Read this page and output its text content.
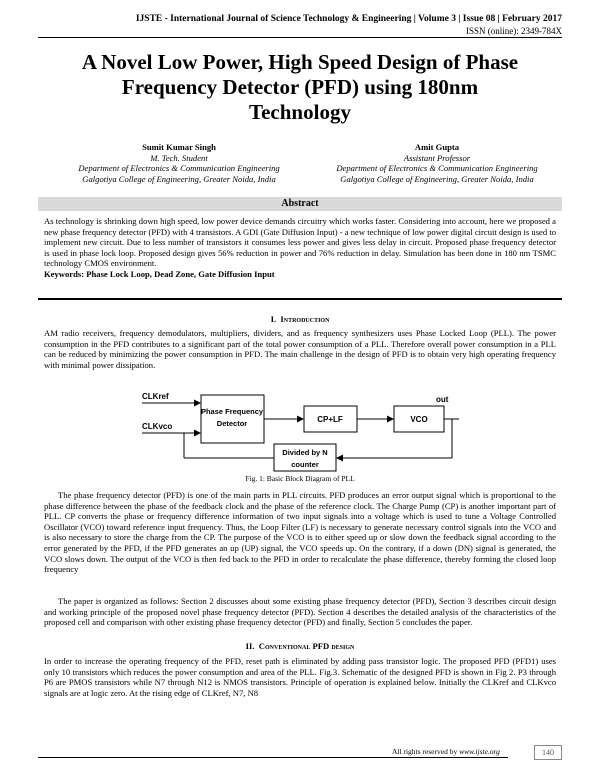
IJSTE - International Journal of Science Technology & Engineering | Volume 3 | Issue 08 | February 2017
ISSN (online): 2349-784X
A Novel Low Power, High Speed Design of Phase
Frequency Detector (PFD) using 180nm
Technology
Sumit Kumar Singh
M. Tech. Student
Department of Electronics & Communication Engineering
Galgotiya College of Engineering, Greater Noida, India
Amit Gupta
Assistant Professor
Department of Electronics & Communication Engineering
Galgotiya College of Engineering, Greater Noida, India
Abstract
As technology is shrinking down high speed, low power device demands circuitry which works faster. Considering into account, here we proposed a new phase frequency detector (PFD) with 4 transistors. A GDI (Gate Diffusion Input) - a new technique of low power digital circuit design is used to implement new circuit. Due to less number of transistors it consumes less power and gives less delay in circuit. Proposed phase frequency detector is used in phase lock loop. Proposed design gives 56% reduction in power and 76% reduction in delay. Simulation has been done in 180 nm TSMC technology CMOS environment.
Keywords: Phase Lock Loop, Dead Zone, Gate Diffusion Input
I. Introduction
AM radio receivers, frequency demodulators, multipliers, dividers, and as frequency synthesizers uses Phase Locked Loop (PLL). The power consumption in the PFD contributes to a significant part of the total power consumption of a PLL. Therefore overall power consumption in a PLL can be reduced by minimizing the power consumption in PFD. The main challenge in the design of PFD is to obtain very high operating frequency with minimal power dissipation.
CLKref
CLKvco
Phase Frequency
Detector	CP+LF	VCO
out
Divided by N
counter
Fig. 1: Basic Block Diagram of PLL
The phase frequency detector (PFD) is one of the main parts in PLL circuits. PFD produces an error output signal which is proportional to the phase difference between the phase of the feedback clock and the phase of the reference clock. The Charge Pump (CP) is another important part of PLL. CP converts the phase or frequency difference information of two input signals into a voltage which is used to tune a Voltage Controlled Oscillator (VCO) toward reference input frequency. Thus, the Loop Filter (LF) is necessary to generate necessary control signals into the VCO and is also necessary to store the charge from the CP. The purpose of the VCO is to either speed up or slow down the feedback signal according to the error generated by the PFD, if the PFD generates an up (UP) signal, the VCO speeds up. On the contrary, if a down (DN) signal is generated, the VCO slows down. The output of the VCO is then fed back to the PFD in order to recalculate the phase difference, thereby forming the closed loop frequency
The paper is organized as follows: Section 2 discusses about some existing phase frequency detector (PFD), Section 3 describes circuit design and working principle of the proposed novel phase frequency detector (PFD). Section 4 describes the detailed analysis of the characteristics of the proposed cell and comparison with other existing phase frequency detector (PFD) and finally, Section 5 concludes the paper.
II. Conventional PFD design
In order to increase the operating frequency of the PFD, reset path is eliminated by adding pass transistor logic. The proposed PFD (PFD1) uses only 10 transistors which reduces the power consumption and area of the PLL. Fig.3. Schematic of the designed PFD is shown in Fig 2. P3 through P6 are PMOS transistors while N7 through N12 is NMOS transistors. Principle of operation is explained below. Initially the CLKref and CLKvco signals are at logic zero. At the rising edge of CLKref, N7, N8
All rights reserved by www.ijste.org	140
